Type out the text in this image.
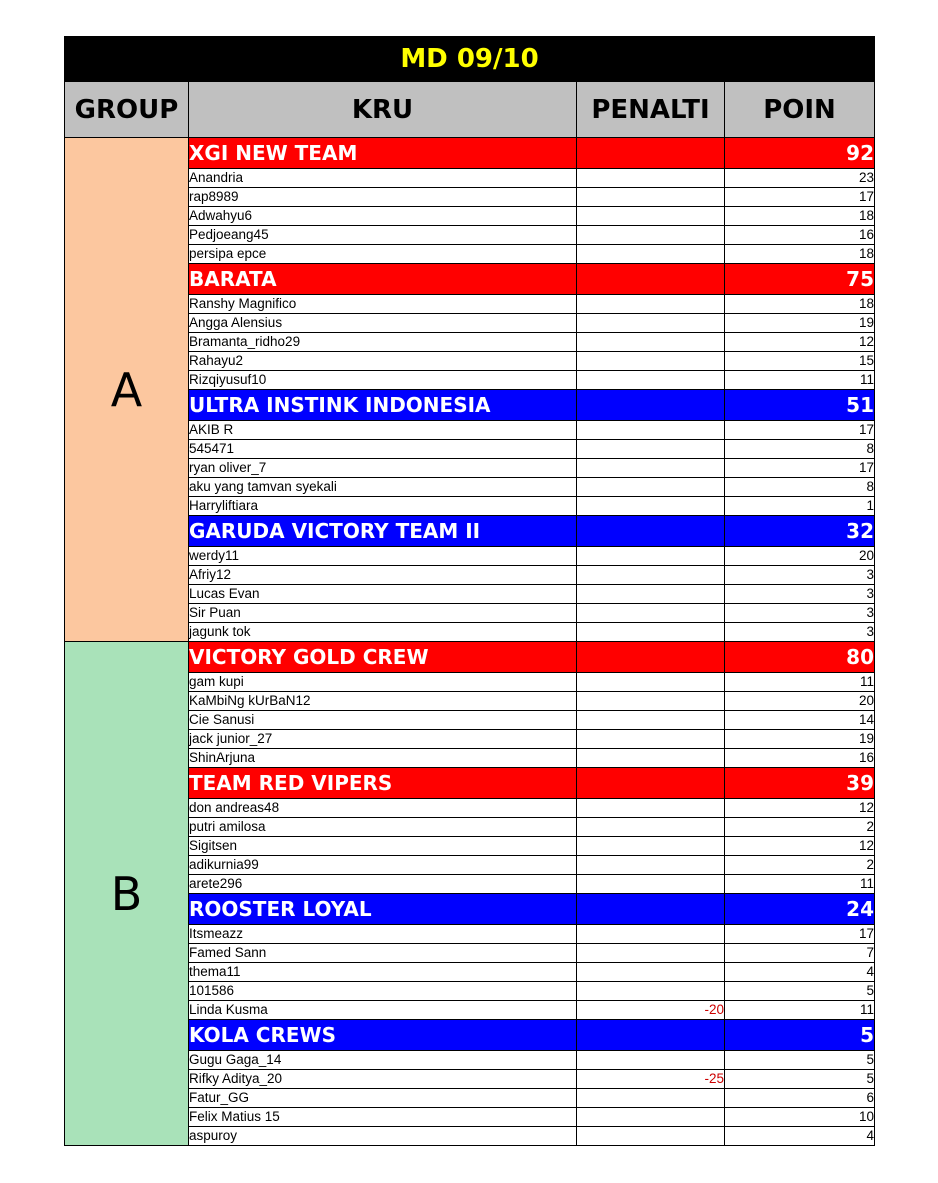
MD 09/10			
GROUP	KRU	PENALTI	POIN
A	XGI NEW TEAM		92
	Anandria		23
	rap8989		17
	Adwahyu6		18
	Pedjoeang45		16
	persipa epce		18
	BARATA		75
	Ranshy Magnifico		18
	Angga Alensius		19
	Bramanta_ridho29		12
	Rahayu2		15
	Rizqiyusuf10		11
	ULTRA INSTINK INDONESIA		51
	AKIB R		17
	545471		8
	ryan oliver_7		17
	aku yang tamvan syekali		8
	Harryliftiara		1
	GARUDA VICTORY TEAM II		32
	werdy11		20
	Afriy12		3
	Lucas Evan		3
	Sir Puan		3
	jagunk tok		3
B	VICTORY GOLD CREW		80
	gam kupi		11
	KaMbiNg kUrBaN12		20
	Cie Sanusi		14
	jack junior_27		19
	ShinArjuna		16
	TEAM RED VIPERS		39
	don andreas48		12
	putri amilosa		2
	Sigitsen		12
	adikurnia99		2
	arete296		11
	ROOSTER LOYAL		24
	Itsmeazz		17
	Famed Sann		7
	thema11		4
	101586		5
	Linda Kusma	-20	11
	KOLA CREWS		5
	Gugu Gaga_14		5
	Rifky Aditya_20	-25	5
	Fatur_GG		6
	Felix Matius 15		10
	aspuroy		4
